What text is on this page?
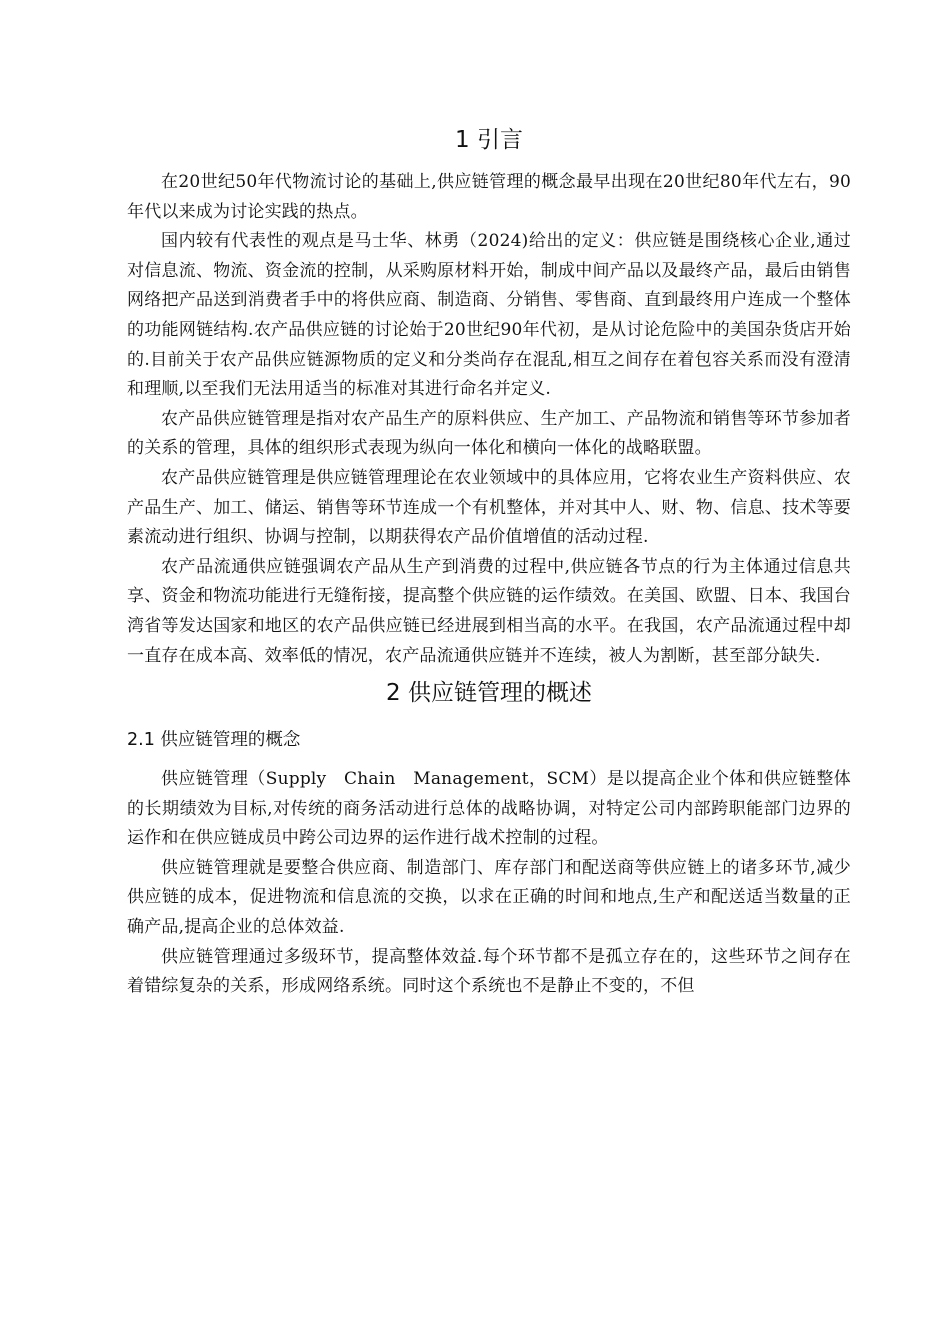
1 引言

在20世纪50年代物流讨论的基础上,供应链管理的概念最早出现在20世纪80年代左右，90年代以来成为讨论实践的热点。

国内较有代表性的观点是马士华、林勇（2024)给出的定义：供应链是围绕核心企业,通过对信息流、物流、资金流的控制，从采购原材料开始，制成中间产品以及最终产品，最后由销售网络把产品送到消费者手中的将供应商、制造商、分销售、零售商、直到最终用户连成一个整体的功能网链结构.农产品供应链的讨论始于20世纪90年代初，是从讨论危险中的美国杂货店开始的.目前关于农产品供应链源物质的定义和分类尚存在混乱,相互之间存在着包容关系而没有澄清和理顺,以至我们无法用适当的标准对其进行命名并定义.

农产品供应链管理是指对农产品生产的原料供应、生产加工、产品物流和销售等环节参加者的关系的管理，具体的组织形式表现为纵向一体化和横向一体化的战略联盟。

农产品供应链管理是供应链管理理论在农业领域中的具体应用，它将农业生产资料供应、农产品生产、加工、储运、销售等环节连成一个有机整体，并对其中人、财、物、信息、技术等要素流动进行组织、协调与控制，以期获得农产品价值增值的活动过程.

农产品流通供应链强调农产品从生产到消费的过程中,供应链各节点的行为主体通过信息共享、资金和物流功能进行无缝衔接，提高整个供应链的运作绩效。在美国、欧盟、日本、我国台湾省等发达国家和地区的农产品供应链已经进展到相当高的水平。在我国，农产品流通过程中却一直存在成本高、效率低的情况，农产品流通供应链并不连续，被人为割断，甚至部分缺失.

2 供应链管理的概述
2.1 供应链管理的概念

供应链管理（Supply　Chain　Management，SCM）是以提高企业个体和供应链整体的长期绩效为目标,对传统的商务活动进行总体的战略协调，对特定公司内部跨职能部门边界的运作和在供应链成员中跨公司边界的运作进行战术控制的过程。

供应链管理就是要整合供应商、制造部门、库存部门和配送商等供应链上的诸多环节,减少供应链的成本，促进物流和信息流的交换，以求在正确的时间和地点,生产和配送适当数量的正确产品,提高企业的总体效益.

供应链管理通过多级环节，提高整体效益.每个环节都不是孤立存在的，这些环节之间存在着错综复杂的关系，形成网络系统。同时这个系统也不是静止不变的，不但
